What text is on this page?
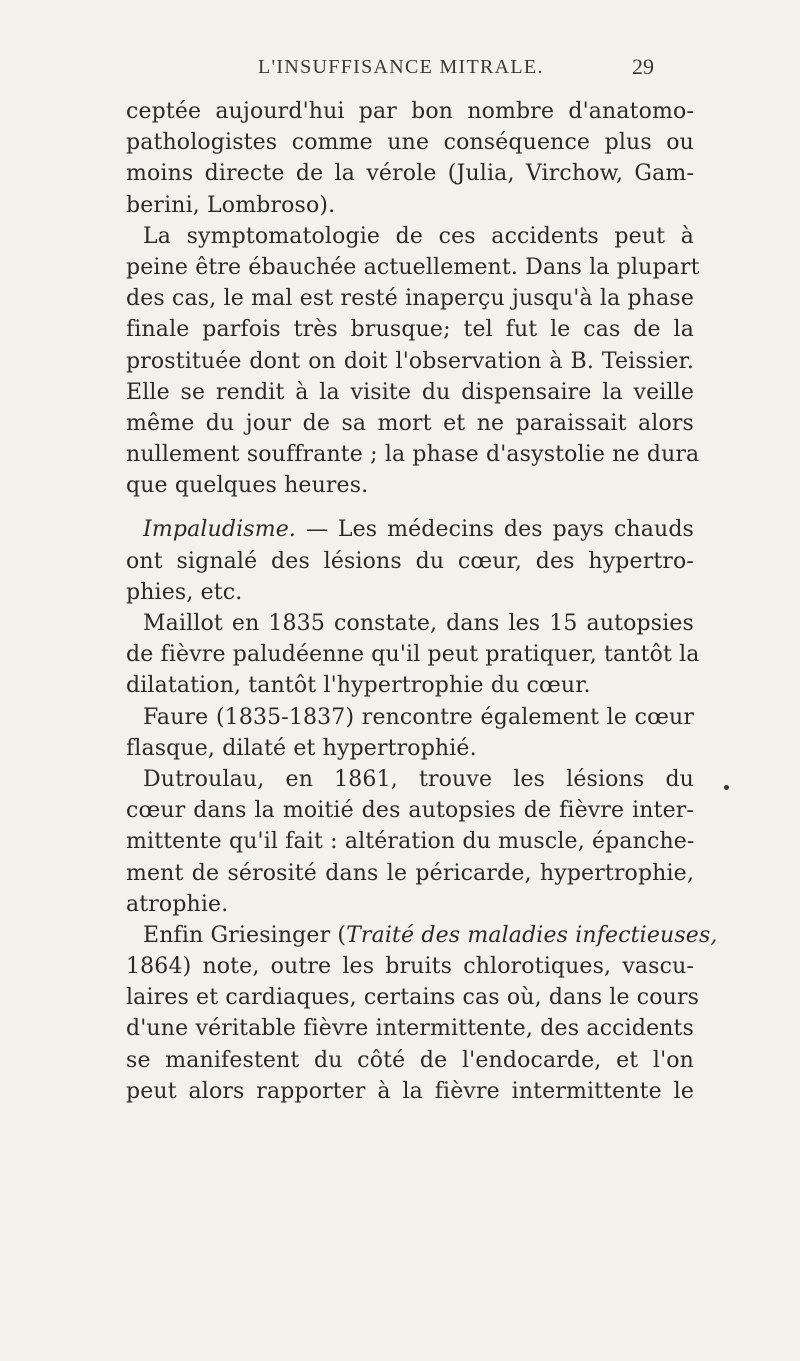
L'INSUFFISANCE MITRALE.	29
ceptée aujourd'hui par bon nombre d'anatomo-
pathologistes comme une conséquence plus ou
moins directe de la vérole (Julia, Virchow, Gam-
berini, Lombroso).
La symptomatologie de ces accidents peut à
peine être ébauchée actuellement. Dans la plupart
des cas, le mal est resté inaperçu jusqu'à la phase
finale parfois très brusque; tel fut le cas de la
prostituée dont on doit l'observation à B. Teissier.
Elle se rendit à la visite du dispensaire la veille
même du jour de sa mort et ne paraissait alors
nullement souffrante ; la phase d'asystolie ne dura
que quelques heures.
Impaludisme. — Les médecins des pays chauds
ont signalé des lésions du cœur, des hypertro-
phies, etc.
Maillot en 1835 constate, dans les 15 autopsies
de fièvre paludéenne qu'il peut pratiquer, tantôt la
dilatation, tantôt l'hypertrophie du cœur.
Faure (1835-1837) rencontre également le cœur
flasque, dilaté et hypertrophié.
Dutroulau, en 1861, trouve les lésions du
cœur dans la moitié des autopsies de fièvre inter-
mittente qu'il fait : altération du muscle, épanche-
ment de sérosité dans le péricarde, hypertrophie,
atrophie.
Enfin Griesinger (Traité des maladies infectieuses,
1864) note, outre les bruits chlorotiques, vascu-
laires et cardiaques, certains cas où, dans le cours
d'une véritable fièvre intermittente, des accidents
se manifestent du côté de l'endocarde, et l'on
peut alors rapporter à la fièvre intermittente le
